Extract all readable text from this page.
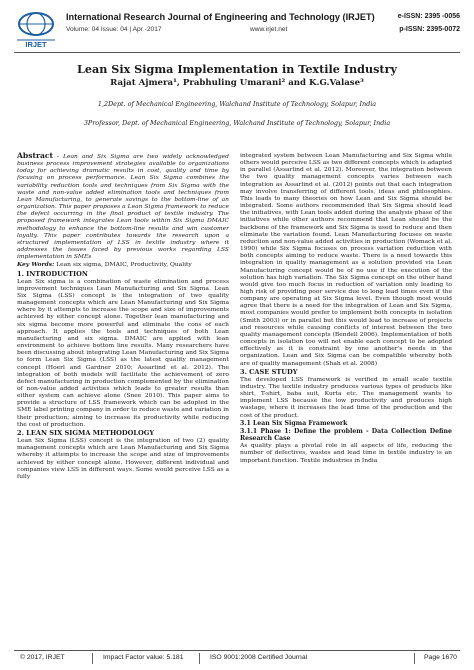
IRJET
International Research Journal of Engineering and Technology (IRJET)
Volume: 04 Issue: 04 | Apr -2017	www.irjet.net
e-ISSN: 2395 -0056
p-ISSN: 2395-0072
Lean Six Sigma Implementation in Textile Industry
Rajat Ajmera¹, Prabhuling Umarani² and K.G.Valase³
1,2Dept. of Mechanical Engineering, Walchand Institute of Technology, Solapur, India
3Professor, Dept. of Mechanical Engineering, Walchand Institute of Technology, Solapur, India

Abstract - Lean and Six Sigma are two widely acknowledged business process improvement strategies available to organizations today for achieving dramatic results in cost, quality and time by focusing on process performance. Lean Six Sigma combines the variability reduction tools and techniques from Six Sigma with the waste and non-value added elimination tools and techniques from Lean Manufacturing, to generate savings to the bottom-line of an organization. This paper proposes a Lean Sigma framework to reduce the defect occurring in the final product of textile industry. The proposed framework integrates Lean tools within Six Sigma DMAIC methodology to enhance the bottom-line results and win customer loyalty. This paper contributes towards the research upon a structured implementation of LSS in textile industry where it addresses the issues faced by previous works regarding LSS implementation in SMEs

Key Words: Lean six sigma, DMAIC, Productivity, Quality

1. INTRODUCTION

Lean Six sigma is a combination of waste elimination and process improvement techniques Lean Manufacturing and Six Sigma. Lean Six Sigma (LSS) concept is the integration of two quality management concepts which are Lean Manufacturing and Six Sigma where by it attempts to increase the scope and size of improvements achieved by either concept alone. Together lean manufacturing and six sigma become more powerful and eliminate the cons of each approach. It applies the tools and techniques of both Lean manufacturing and six sigma. DMAIC are applied with lean environment to achieve bottom line results. Many researchers have been discussing about integrating Lean Manufacturing and Six Sigma to form Lean Six Sigma (LSS) as the latest quality management concept (Hoerl and Gardner 2010; Assarlind et al. 2012). The integration of both models will facilitate the achievement of zero defect manufacturing in production complemented by the elimination of non-value added activities which leads to greater results than either system can achieve alone (Snee 2010). This paper aims to provide a structure of LSS framework which can be adopted in the SME label printing company in order to reduce waste and variation in their production; aiming to increase its productivity while reducing the cost of production.

2. LEAN SIX SIGMA METHODOLOGY

Lean Six Sigma (LSS) concept is the integration of two (2) quality management concepts which are Lean Manufacturing and Six Sigma whereby it attempts to increase the scope and size of improvements achieved by either concept alone. However, different individual and companies view LSS in different ways. Some would perceive LSS as a fully

integrated system between Lean Manufacturing and Six Sigma while others would perceive LSS as two different concepts which is adapted in parallel (Assarlind et al. 2012). Moreover, the integration between the two quality management concepts varies between each integration as Assarlind et al. (2012) points out that each integration may involve transferring of different tools, ideas and philosophies. This leads to many theories on how Lean and Six Sigma should be integrated. Some authors recommended that Six Sigma should lead the initiatives, with Lean tools added during the analysis phase of the initiatives while other authors recommend that Lean should be the backbone of the framework and Six Sigma is used to reduce and then eliminate the variation found. Lean Manufacturing focuses on waste reduction and non-value added activities in production (Womack et al. 1990) while Six Sigma focuses on process variation reduction with both concepts aiming to reduce waste. There is a need towards this integration in quality management as a solution provided via Lean Manufacturing concept would be of no use if the execution of the solution has high variation. The Six Sigma concept on the other hand would give too much focus in reduction of variation only leading to high risk of providing poor service due to long lead times even if the company are operating at Six Sigma level. Even though most would agree that there is a need for the integration of Lean and Six Sigma, most companies would prefer to implement both concepts in isolation (Smith 2003) or in parallel but this would lead to increase of projects and resources while causing conflicts of interest between the two quality management concepts (Bendell 2006). Implementation of both concepts in isolation too will not enable each concept to be adopted effectively as it is constraint by one another's needs in the organization. Lean and Six Sigma can be compatible whereby both are of quality management (Shah et al. 2008)

3. CASE STUDY

The developed LSS framework is verified in small scale textile industry. The textile industry produces various types of products like shirt, T-shirt, baba suit, Kurta etc. The management wants to implement LSS because the low productivity and produces high wastage, where it increases the lead time of the production and the cost of the product.

3.1 Lean Six Sigma Framework

3.1.1 Phase 1: Define the problem - Data Collection Define Research Case

As quality plays a pivotal role in all aspects of life, reducing the number of defectives, wastes and lead time in textile industry is an important function. Textile industries in India

© 2017, IRJET	Impact Factor value: 5.181	ISO 9001:2008 Certified Journal	Page 1670
